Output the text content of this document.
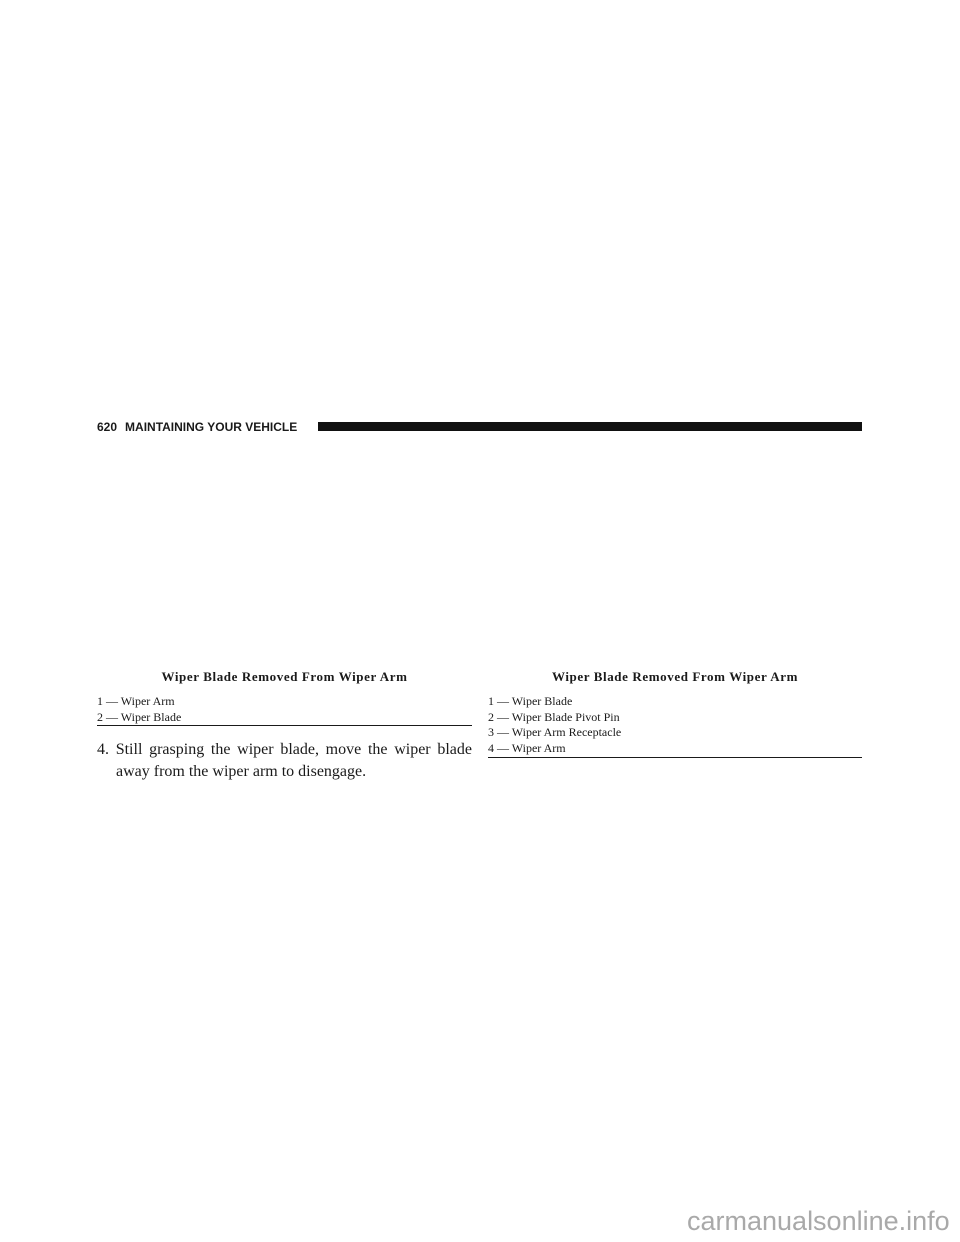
620 MAINTAINING YOUR VEHICLE
Wiper Blade Removed From Wiper Arm
1 — Wiper Arm
2 — Wiper Blade

4. Still grasping the wiper blade, move the wiper blade away from the wiper arm to disengage.

Wiper Blade Removed From Wiper Arm
1 — Wiper Blade
2 — Wiper Blade Pivot Pin
3 — Wiper Arm Receptacle
4 — Wiper Arm
carmanualsonline.info
